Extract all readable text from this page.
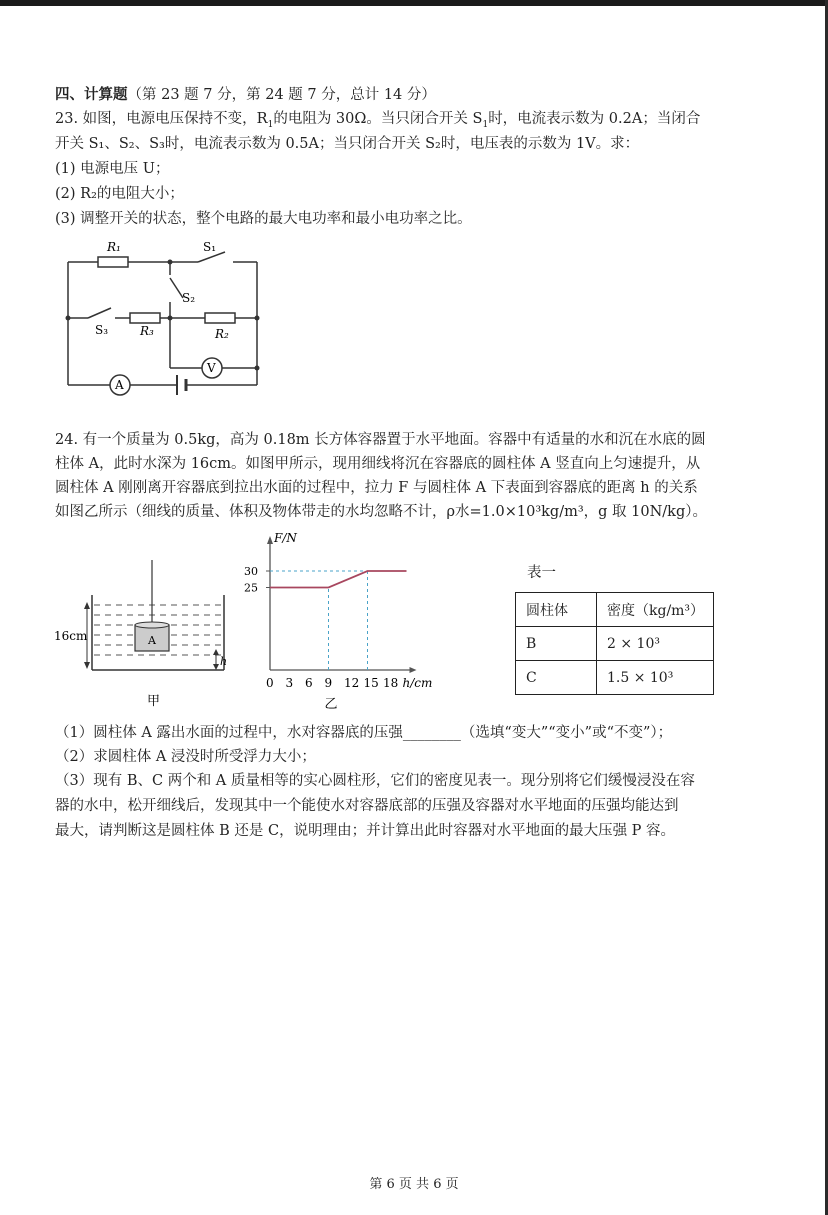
四、计算题（第 23 题 7 分，第 24 题 7 分，总计 14 分）
23. 如图，电源电压保持不变，$R_1$的电阻为 30Ω。当只闭合开关 $S_1$时，电流表示数为 0.2A；当闭合
开关 S₁、S₂、S₃时，电流表示数为 0.5A；当只闭合开关 S₂时，电压表的示数为 1V。求：
(1) 电源电压 U；
(2) R₂的电阻大小；
(3) 调整开关的状态，整个电路的最大电功率和最小电功率之比。
R₁	S₁
S₂
S₃	R₃	R₂
V
A
24. 有一个质量为 0.5kg，高为 0.18m 长方体容器置于水平地面。容器中有适量的水和沉在水底的圆
柱体 A，此时水深为 16cm。如图甲所示，现用细线将沉在容器底的圆柱体 A 竖直向上匀速提升，从
圆柱体 A 刚刚离开容器底到拉出水面的过程中，拉力 F 与圆柱体 A 下表面到容器底的距离 h 的关系
如图乙所示（细线的质量、体积及物体带走的水均忽略不计，ρ水=1.0×10³kg/m³，g 取 10N/kg）。
A
16cm
h
甲
25
30
0 3 6 9 12 15 18
F/N
h/cm
乙
表一
圆柱体	密度（kg/m³）
B	2 × 10³
C	1.5 × 10³
（1）圆柱体 A 露出水面的过程中，水对容器底的压强________（选填“变大”“变小”或“不变”）；
（2）求圆柱体 A 浸没时所受浮力大小；
（3）现有 B、C 两个和 A 质量相等的实心圆柱形，它们的密度见表一。现分别将它们缓慢浸没在容
器的水中，松开细线后，发现其中一个能使水对容器底部的压强及容器对水平地面的压强均能达到
最大，请判断这是圆柱体 B 还是 C，说明理由；并计算出此时容器对水平地面的最大压强 P 容。
第 6 页 共 6 页
